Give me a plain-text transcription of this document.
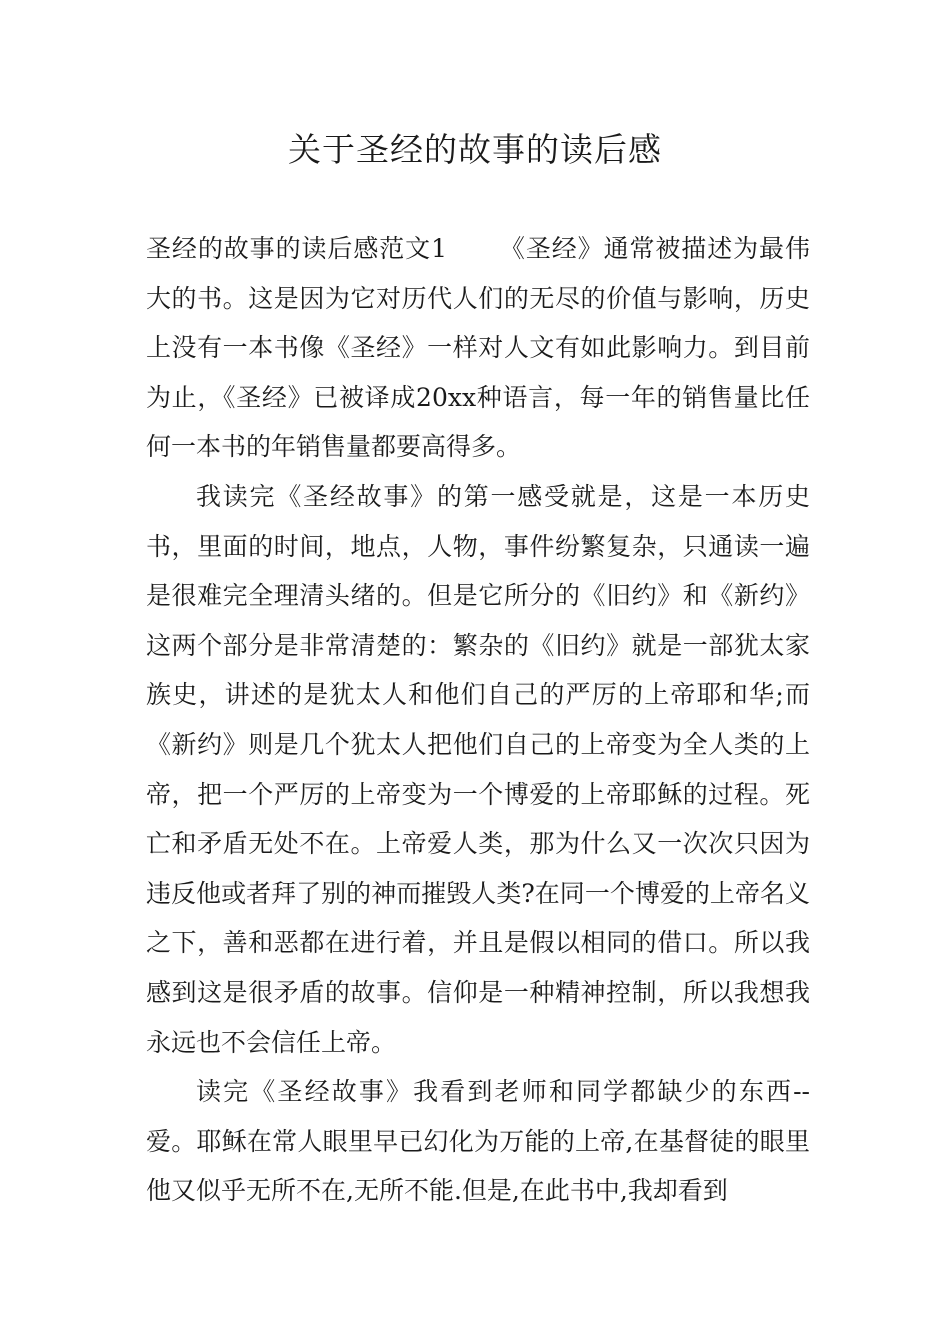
关于圣经的故事的读后感

圣经的故事的读后感范文1 《圣经》通常被描述为最伟大的书。这是因为它对历代人们的无尽的价值与影响，历史上没有一本书像《圣经》一样对人文有如此影响力。到目前为止，《圣经》已被译成20xx种语言，每一年的销售量比任何一本书的年销售量都要高得多。

我读完《圣经故事》的第一感受就是，这是一本历史书，里面的时间，地点，人物，事件纷繁复杂，只通读一遍是很难完全理清头绪的。但是它所分的《旧约》和《新约》这两个部分是非常清楚的：繁杂的《旧约》就是一部犹太家族史，讲述的是犹太人和他们自己的严厉的上帝耶和华;而《新约》则是几个犹太人把他们自己的上帝变为全人类的上帝，把一个严厉的上帝变为一个博爱的上帝耶稣的过程。死亡和矛盾无处不在。上帝爱人类，那为什么又一次次只因为违反他或者拜了别的神而摧毁人类?在同一个博爱的上帝名义之下，善和恶都在进行着，并且是假以相同的借口。所以我感到这是很矛盾的故事。信仰是一种精神控制，所以我想我永远也不会信任上帝。

读完《圣经故事》我看到老师和同学都缺少的东西--爱。耶稣在常人眼里早已幻化为万能的上帝,在基督徒的眼里他又似乎无所不在,无所不能.但是,在此书中,我却看到
